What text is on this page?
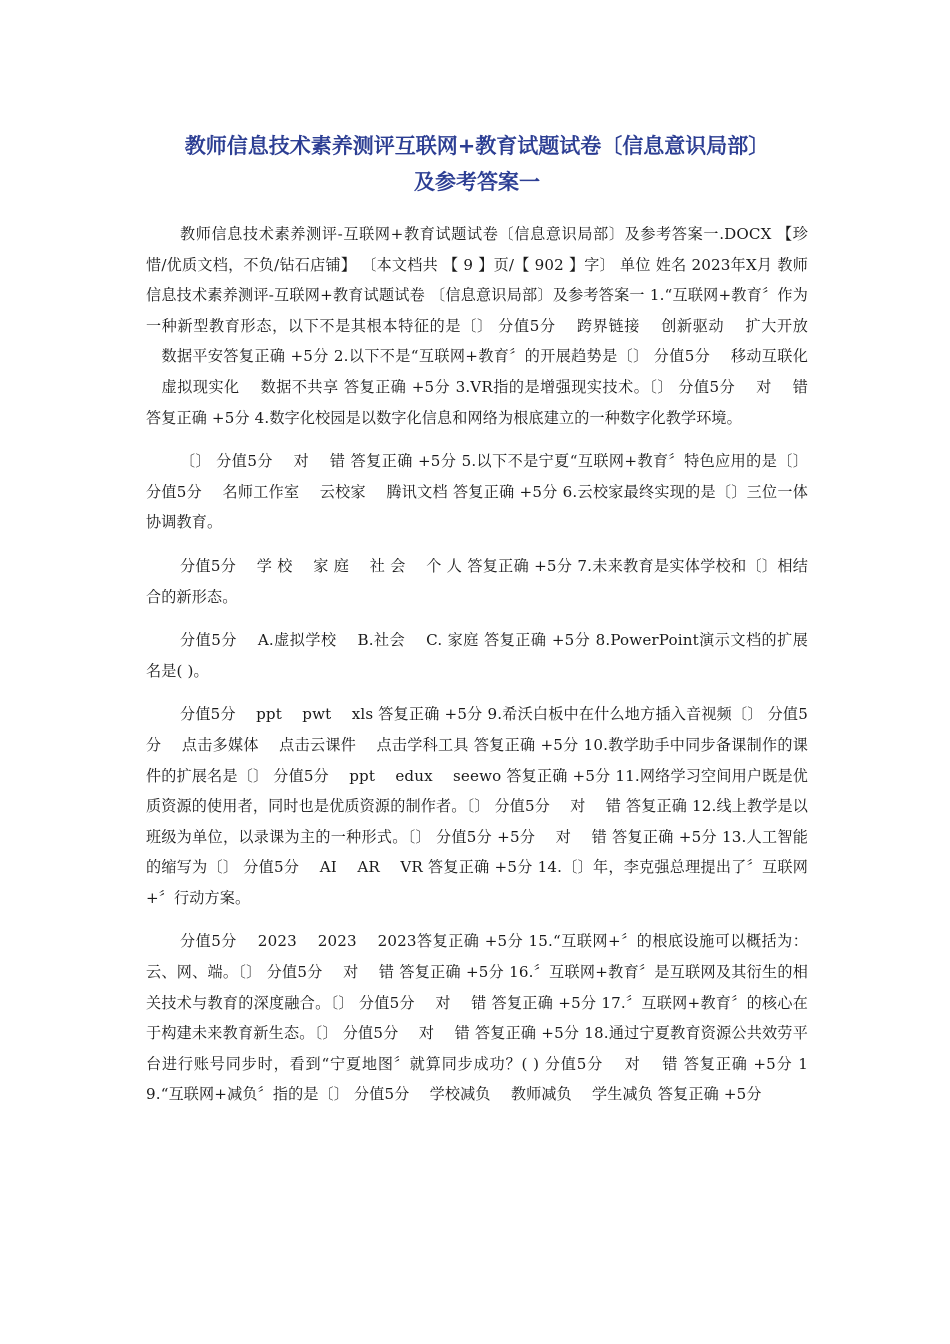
教师信息技术素养测评互联网+教育试题试卷〔信息意识局部〕
及参考答案一

教师信息技术素养测评-互联网+教育试题试卷〔信息意识局部〕及参考答案一.DOCX 【珍惜/优质文档，不负/钻石店铺】 〔本文档共 【 9 】页/【 902 】字〕 单位 姓名 2023年X月 教师信息技术素养测评-互联网+教育试题试卷 〔信息意识局部〕及参考答案一 1.“互联网+教育〞作为一种新型教育形态，以下不是其根本特征的是〔〕 分值5分 　跨界链接 　创新驱动 　扩大开放 　数据平安答复正确 +5分 2.以下不是“互联网+教育〞的开展趋势是〔〕 分值5分 　移动互联化 　虚拟现实化 　数据不共享 答复正确 +5分 3.VR指的是增强现实技术。〔〕 分值5分 　对 　错 答复正确 +5分 4.数字化校园是以数字化信息和网络为根底建立的一种数字化教学环境。

〔〕 分值5分 　对 　错 答复正确 +5分 5.以下不是宁夏“互联网+教育〞特色应用的是〔〕 分值5分 　名师工作室 　云校家 　腾讯文档 答复正确 +5分 6.云校家最终实现的是〔〕三位一体协调教育。

分值5分 　学 校 　家 庭 　社 会 　个 人 答复正确 +5分 7.未来教育是实体学校和〔〕相结合的新形态。

分值5分 　A.虚拟学校 　B.社会 　C. 家庭 答复正确 +5分 8.PowerPoint演示文档的扩展名是( )。

分值5分 　ppt 　pwt 　xls 答复正确 +5分 9.希沃白板中在什么地方插入音视频〔〕 分值5分 　点击多媒体 　点击云课件 　点击学科工具 答复正确 +5分 10.教学助手中同步备课制作的课件的扩展名是〔〕 分值5分 　ppt 　edux 　seewo 答复正确 +5分 11.网络学习空间用户既是优质资源的使用者，同时也是优质资源的制作者。〔〕 分值5分 　对 　错 答复正确 12.线上教学是以班级为单位，以录课为主的一种形式。〔〕 分值5分 +5分 　对 　错 答复正确 +5分 13.人工智能的缩写为〔〕 分值5分 　AI 　AR 　VR 答复正确 +5分 14.〔〕年，李克强总理提出了〞互联网+〞行动方案。

分值5分 　2023 　2023 　2023答复正确 +5分 15.“互联网+〞的根底设施可以概括为：云、网、端。〔〕 分值5分 　对 　错 答复正确 +5分 16.〞互联网+教育〞是互联网及其衍生的相关技术与教育的深度融合。〔〕 分值5分 　对 　错 答复正确 +5分 17.〞互联网+教育〞的核心在于构建未来教育新生态。〔〕 分值5分 　对 　错 答复正确 +5分 18.通过宁夏教育资源公共效劳平台进行账号同步时，看到“宁夏地图〞就算同步成功？( ) 分值5分 　对 　错 答复正确 +5分 19.“互联网+减负〞指的是〔〕 分值5分 　学校减负 　教师减负 　学生减负 答复正确 +5分
